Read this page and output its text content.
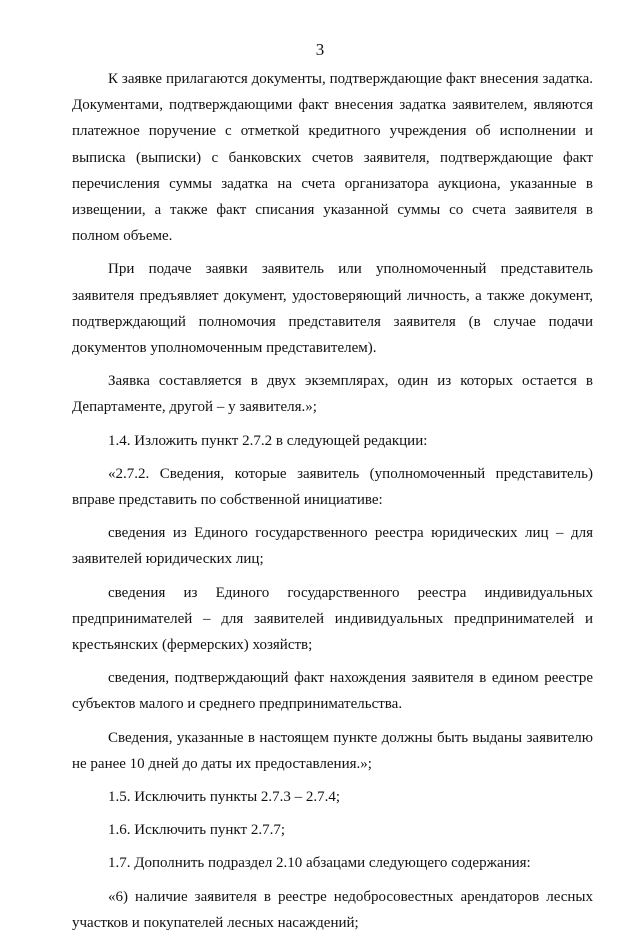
3

К заявке прилагаются документы, подтверждающие факт внесения задатка. Документами, подтверждающими факт внесения задатка заявителем, являются платежное поручение с отметкой кредитного учреждения об исполнении и выписка (выписки) с банковских счетов заявителя, подтверждающие факт перечисления суммы задатка на счета организатора аукциона, указанные в извещении, а также факт списания указанной суммы со счета заявителя в полном объеме.

При подаче заявки заявитель или уполномоченный представитель заявителя предъявляет документ, удостоверяющий личность, а также документ, подтверждающий полномочия представителя заявителя (в случае подачи документов уполномоченным представителем).

Заявка составляется в двух экземплярах, один из которых остается в Департаменте, другой – у заявителя.»;

1.4. Изложить пункт 2.7.2 в следующей редакции:

«2.7.2. Сведения, которые заявитель (уполномоченный представитель) вправе представить по собственной инициативе:

сведения из Единого государственного реестра юридических лиц – для заявителей юридических лиц;

сведения из Единого государственного реестра индивидуальных предпринимателей – для заявителей индивидуальных предпринимателей и крестьянских (фермерских) хозяйств;

сведения, подтверждающий факт нахождения заявителя в едином реестре субъектов малого и среднего предпринимательства.

Сведения, указанные в настоящем пункте должны быть выданы заявителю не ранее 10 дней до даты их предоставления.»;

1.5. Исключить пункты 2.7.3 – 2.7.4;

1.6. Исключить пункт 2.7.7;

1.7. Дополнить подраздел 2.10 абзацами следующего содержания:

«6) наличие заявителя в реестре недобросовестных арендаторов лесных участков и покупателей лесных насаждений;
